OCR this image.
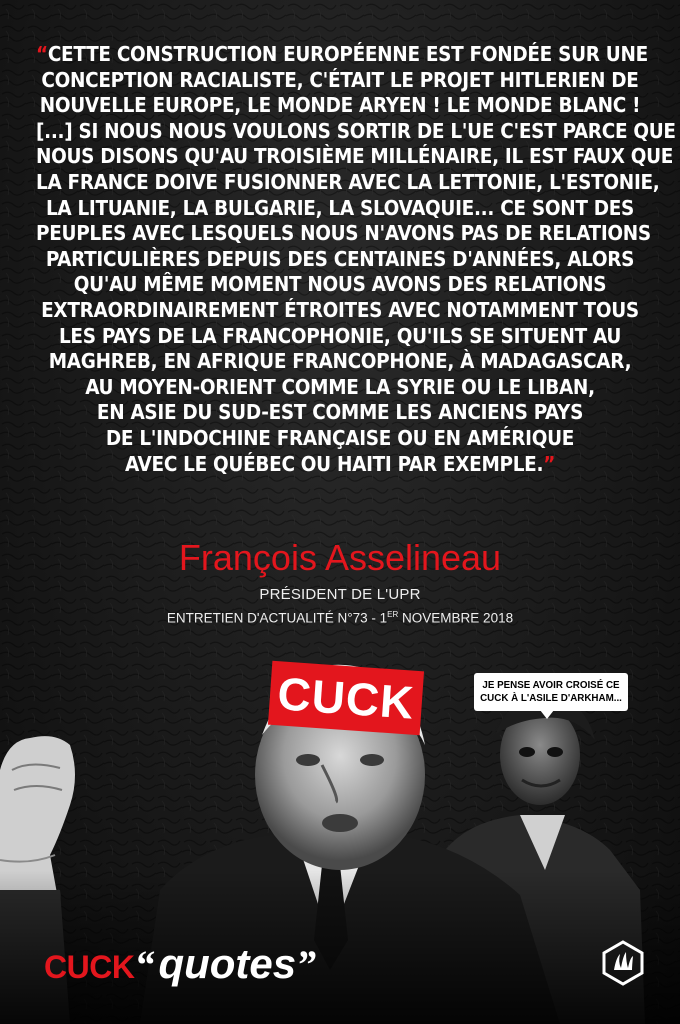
“CETTE CONSTRUCTION EUROPÉENNE EST FONDÉE SUR UNE
CONCEPTION RACIALISTE, C'ÉTAIT LE PROJET HITLERIEN DE
NOUVELLE EUROPE, LE MONDE ARYEN ! LE MONDE BLANC !
[...] SI NOUS NOUS VOULONS SORTIR DE L'UE C'EST PARCE QUE
NOUS DISONS QU'AU TROISIÈME MILLÉNAIRE, IL EST FAUX QUE
LA FRANCE DOIVE FUSIONNER AVEC LA LETTONIE, L'ESTONIE,
LA LITUANIE, LA BULGARIE, LA SLOVAQUIE... CE SONT DES
PEUPLES AVEC LESQUELS NOUS N'AVONS PAS DE RELATIONS
PARTICULIÈRES DEPUIS DES CENTAINES D'ANNÉES, ALORS
QU'AU MÊME MOMENT NOUS AVONS DES RELATIONS
EXTRAORDINAIREMENT ÉTROITES AVEC NOTAMMENT TOUS
LES PAYS DE LA FRANCOPHONIE, QU'ILS SE SITUENT AU
MAGHREB, EN AFRIQUE FRANCOPHONE, À MADAGASCAR,
AU MOYEN-ORIENT COMME LA SYRIE OU LE LIBAN,
EN ASIE DU SUD-EST COMME LES ANCIENS PAYS
DE L'INDOCHINE FRANÇAISE OU EN AMÉRIQUE
AVEC LE QUÉBEC OU HAITI PAR EXEMPLE.”
François Asselineau
PRÉSIDENT DE L'UPR
ENTRETIEN D'ACTUALITÉ N°73 - 1ER NOVEMBRE 2018
CUCK	JE PENSE AVOIR CROISÉ CE
CUCK À L'ASILE D'ARKHAM...
CUCK “ quotes ”
